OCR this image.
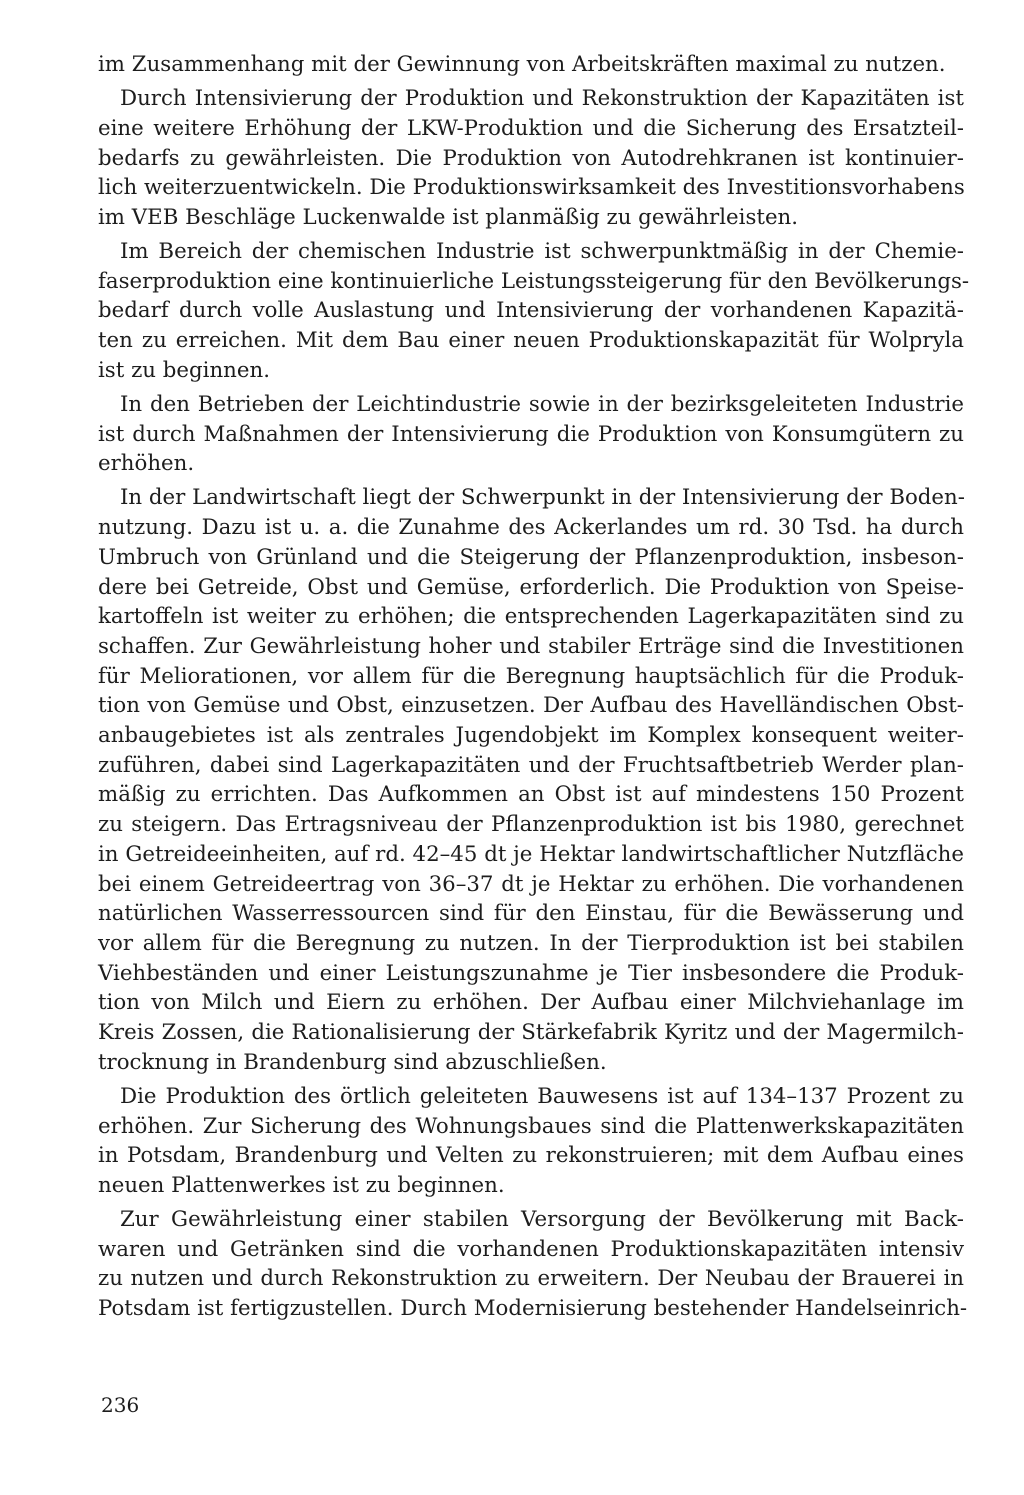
im Zusammenhang mit der Gewinnung von Arbeitskräften maximal zu nutzen.

Durch Intensivierung der Produktion und Rekonstruktion der Kapazitäten ist
eine weitere Erhöhung der LKW-Produktion und die Sicherung des Ersatzteil-
bedarfs zu gewährleisten. Die Produktion von Autodrehkranen ist kontinuier-
lich weiterzuentwickeln. Die Produktionswirksamkeit des Investitionsvorhabens
im VEB Beschläge Luckenwalde ist planmäßig zu gewährleisten.

Im Bereich der chemischen Industrie ist schwerpunktmäßig in der Chemie-
faserproduktion eine kontinuierliche Leistungssteigerung für den Bevölkerungs-
bedarf durch volle Auslastung und Intensivierung der vorhandenen Kapazitä-
ten zu erreichen. Mit dem Bau einer neuen Produktionskapazität für Wolpryla
ist zu beginnen.

In den Betrieben der Leichtindustrie sowie in der bezirksgeleiteten Industrie
ist durch Maßnahmen der Intensivierung die Produktion von Konsumgütern zu
erhöhen.

In der Landwirtschaft liegt der Schwerpunkt in der Intensivierung der Boden-
nutzung. Dazu ist u. a. die Zunahme des Ackerlandes um rd. 30 Tsd. ha durch
Umbruch von Grünland und die Steigerung der Pflanzenproduktion, insbeson-
dere bei Getreide, Obst und Gemüse, erforderlich. Die Produktion von Speise-
kartoffeln ist weiter zu erhöhen; die entsprechenden Lagerkapazitäten sind zu
schaffen. Zur Gewährleistung hoher und stabiler Erträge sind die Investitionen
für Meliorationen, vor allem für die Beregnung hauptsächlich für die Produk-
tion von Gemüse und Obst, einzusetzen. Der Aufbau des Havelländischen Obst-
anbaugebietes ist als zentrales Jugendobjekt im Komplex konsequent weiter-
zuführen, dabei sind Lagerkapazitäten und der Fruchtsaftbetrieb Werder plan-
mäßig zu errichten. Das Aufkommen an Obst ist auf mindestens 150 Prozent
zu steigern. Das Ertragsniveau der Pflanzenproduktion ist bis 1980, gerechnet
in Getreideeinheiten, auf rd. 42–45 dt je Hektar landwirtschaftlicher Nutzfläche
bei einem Getreideertrag von 36–37 dt je Hektar zu erhöhen. Die vorhandenen
natürlichen Wasserressourcen sind für den Einstau, für die Bewässerung und
vor allem für die Beregnung zu nutzen. In der Tierproduktion ist bei stabilen
Viehbeständen und einer Leistungszunahme je Tier insbesondere die Produk-
tion von Milch und Eiern zu erhöhen. Der Aufbau einer Milchviehanlage im
Kreis Zossen, die Rationalisierung der Stärkefabrik Kyritz und der Magermilch-
trocknung in Brandenburg sind abzuschließen.

Die Produktion des örtlich geleiteten Bauwesens ist auf 134–137 Prozent zu
erhöhen. Zur Sicherung des Wohnungsbaues sind die Plattenwerkskapazitäten
in Potsdam, Brandenburg und Velten zu rekonstruieren; mit dem Aufbau eines
neuen Plattenwerkes ist zu beginnen.

Zur Gewährleistung einer stabilen Versorgung der Bevölkerung mit Back-
waren und Getränken sind die vorhandenen Produktionskapazitäten intensiv
zu nutzen und durch Rekonstruktion zu erweitern. Der Neubau der Brauerei in
Potsdam ist fertigzustellen. Durch Modernisierung bestehender Handelseinrich-

236
